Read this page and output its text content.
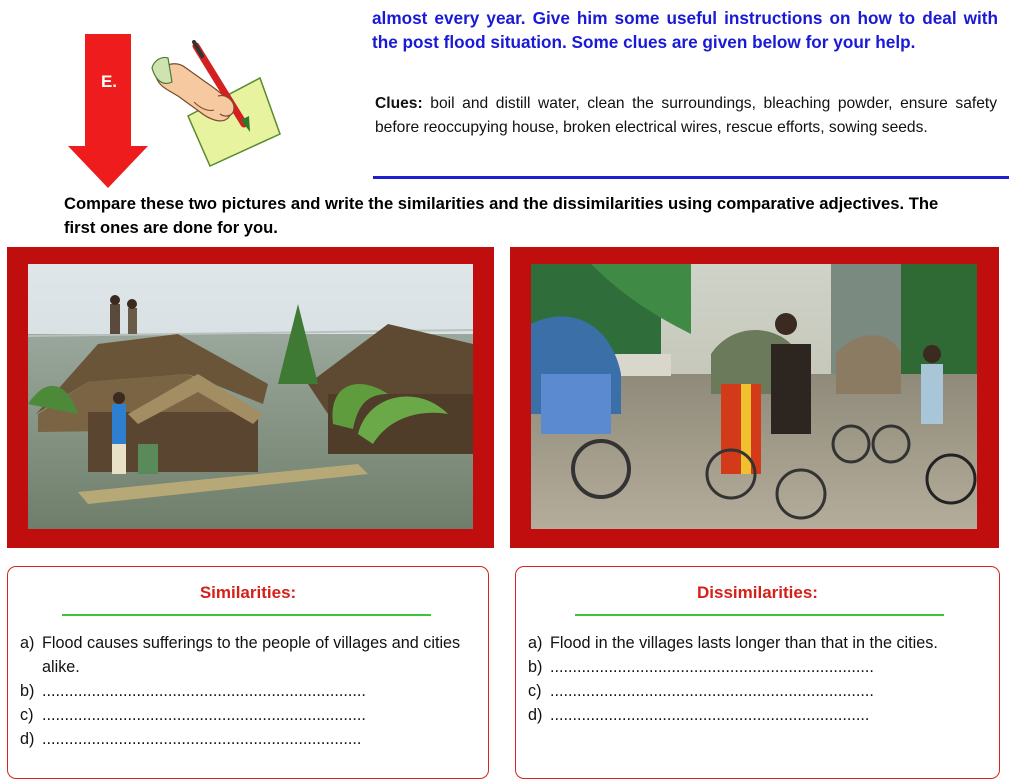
E.
almost every year. Give him some useful instructions on how to deal with the post flood situation. Some clues are given below for your help.
Clues: boil and distill water, clean the surroundings, bleaching powder, ensure safety before reoccupying house, broken electrical wires, rescue efforts, sowing seeds.
Compare these two pictures and write the similarities and the dissimilarities using comparative adjectives. The first ones are done for you.
Similarities:
a) Flood causes sufferings to the people of villages and cities alike.
b) ........................................................................
c) ........................................................................
d) .......................................................................
Dissimilarities:
a) Flood in the villages lasts longer than that in the cities.
b) ........................................................................
c) ........................................................................
d) .......................................................................
